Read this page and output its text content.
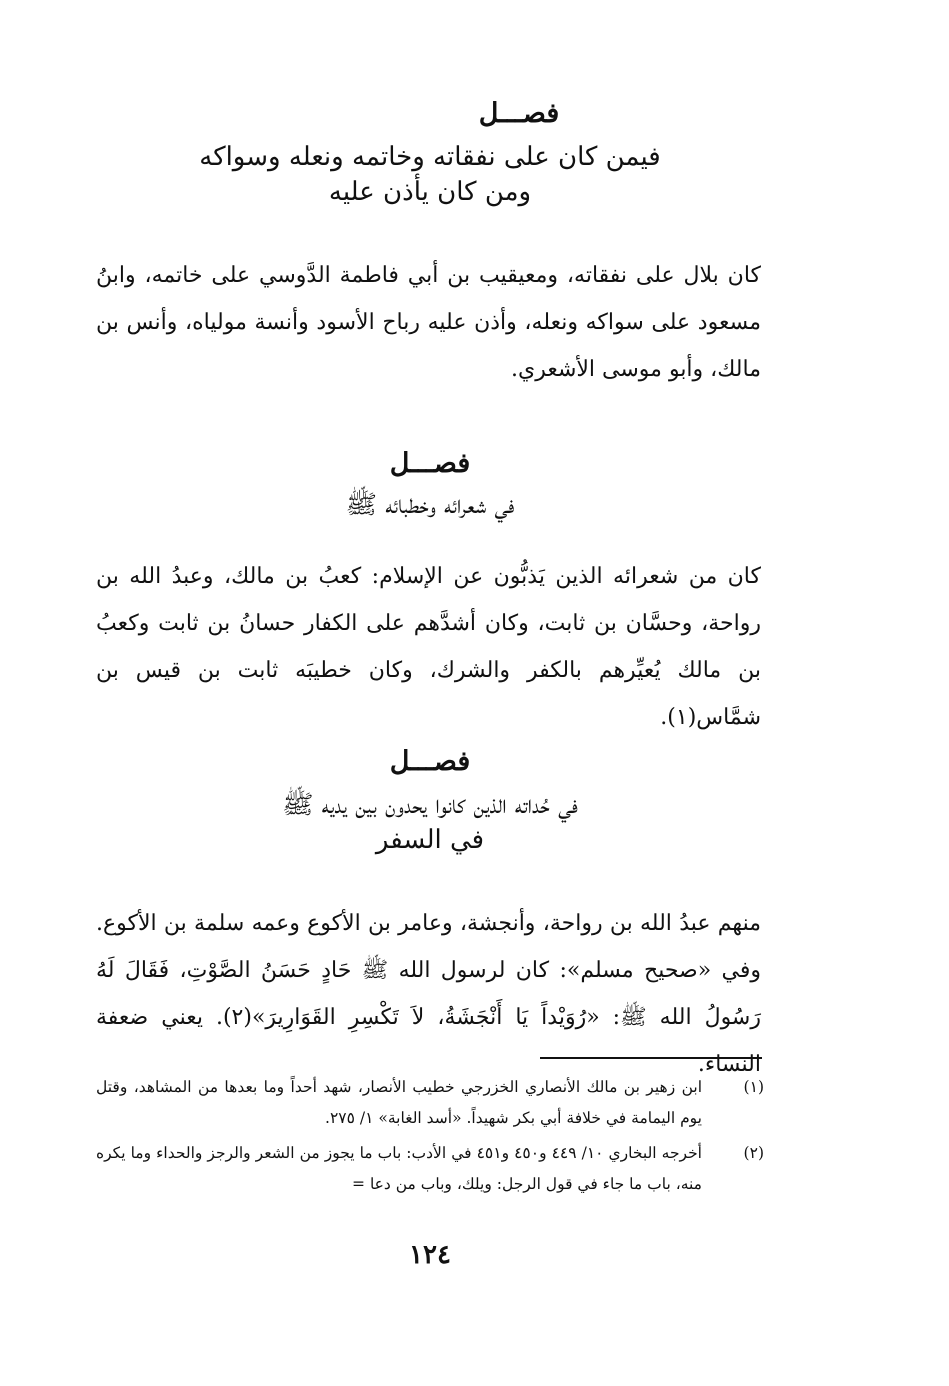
فصـــل
فيمن كان على نفقاته وخاتمه ونعله وسواكه
ومن كان يأذن عليه
كان بلال على نفقاته، ومعيقيب بن أبي فاطمة الدَّوسي على خاتمه، وابنُ مسعود على سواكه ونعله، وأذن عليه رباح الأسود وأنسة مولياه، وأنس بن مالك، وأبو موسى الأشعري.
فصـــل
في شعرائه وخطبائه ﷺ
كان من شعرائه الذين يَذبُّون عن الإسلام: كعبُ بن مالك، وعبدُ الله بن رواحة، وحسَّان بن ثابت، وكان أشدَّهم على الكفار حسانُ بن ثابت وكعبُ بن مالك يُعيِّرهم بالكفر والشرك، وكان خطيبَه ثابت بن قيس بن شمَّاس(١).
فصـــل
في حُداته الذين كانوا يحدون بين يديه ﷺ
في السفر
منهم عبدُ الله بن رواحة، وأنجشة، وعامر بن الأكوع وعمه سلمة بن الأكوع. وفي «صحيح مسلم»: كان لرسول الله ﷺ حَادٍ حَسَنُ الصَّوْتِ، فَقَالَ لَهُ رَسُولُ الله ﷺ: «رُوَيْداً يَا أَنْجَشَةُ، لاَ تَكْسِرِ القَوَارِيرَ»(٢). يعني ضعفة النساء.
(١)
ابن زهير بن مالك الأنصاري الخزرجي خطيب الأنصار، شهد أحداً وما بعدها من المشاهد، وقتل يوم اليمامة في خلافة أبي بكر شهيداً. «أسد الغابة» ١/ ٢٧٥.
(٢)
أخرجه البخاري ١٠/ ٤٤٩ و٤٥٠ و٤٥١ في الأدب: باب ما يجوز من الشعر والرجز والحداء وما يكره منه، باب ما جاء في قول الرجل: ويلك، وباب من دعا =
١٢٤
